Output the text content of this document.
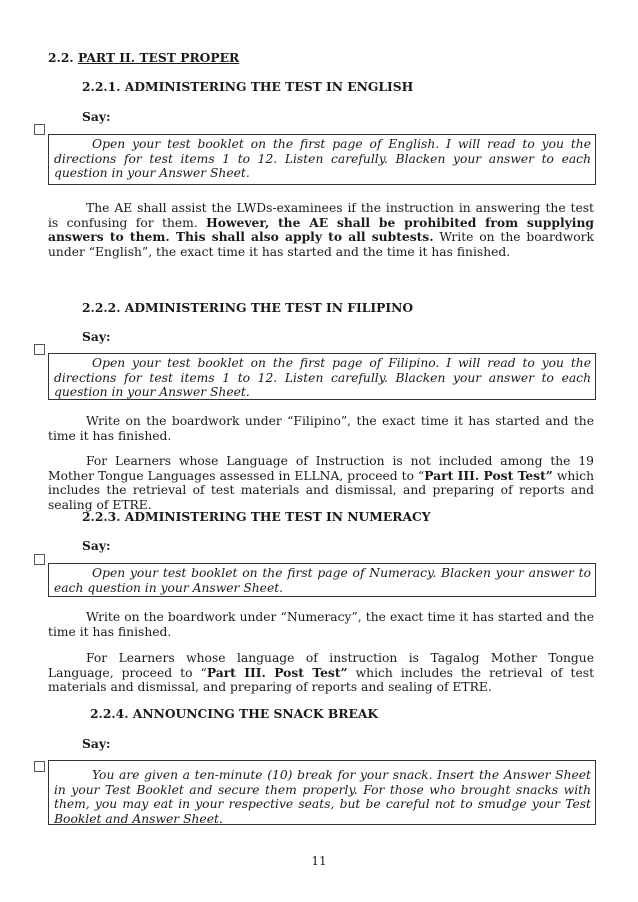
2.2. PART II. TEST PROPER
2.2.1. ADMINISTERING THE TEST IN ENGLISH
Say:

Open your test booklet on the first page of English. I will read to you the directions for test items 1 to 12. Listen carefully. Blacken your answer to each question in your Answer Sheet.

The AE shall assist the LWDs-examinees if the instruction in answering the test is confusing for them. However, the AE shall be prohibited from supplying answers to them. This shall also apply to all subtests. Write on the boardwork under “English”, the exact time it has started and the time it has finished.

2.2.2. ADMINISTERING THE TEST IN FILIPINO
Say:

Open your test booklet on the first page of Filipino. I will read to you the directions for test items 1 to 12. Listen carefully. Blacken your answer to each question in your Answer Sheet.

Write on the boardwork under “Filipino”, the exact time it has started and the time it has finished.

For Learners whose Language of Instruction is not included among the 19 Mother Tongue Languages assessed in ELLNA, proceed to “Part III. Post Test” which includes the retrieval of test materials and dismissal, and preparing of reports and sealing of ETRE.

2.2.3. ADMINISTERING THE TEST IN NUMERACY
Say:

Open your test booklet on the first page of Numeracy. Blacken your answer to each question in your Answer Sheet.

Write on the boardwork under “Numeracy”, the exact time it has started and the time it has finished.

For Learners whose language of instruction is Tagalog Mother Tongue Language, proceed to “Part III. Post Test” which includes the retrieval of test materials and dismissal, and preparing of reports and sealing of ETRE.

2.2.4. ANNOUNCING THE SNACK BREAK
Say:

You are given a ten-minute (10) break for your snack. Insert the Answer Sheet in your Test Booklet and secure them properly. For those who brought snacks with them, you may eat in your respective seats, but be careful not to smudge your Test Booklet and Answer Sheet.

11
